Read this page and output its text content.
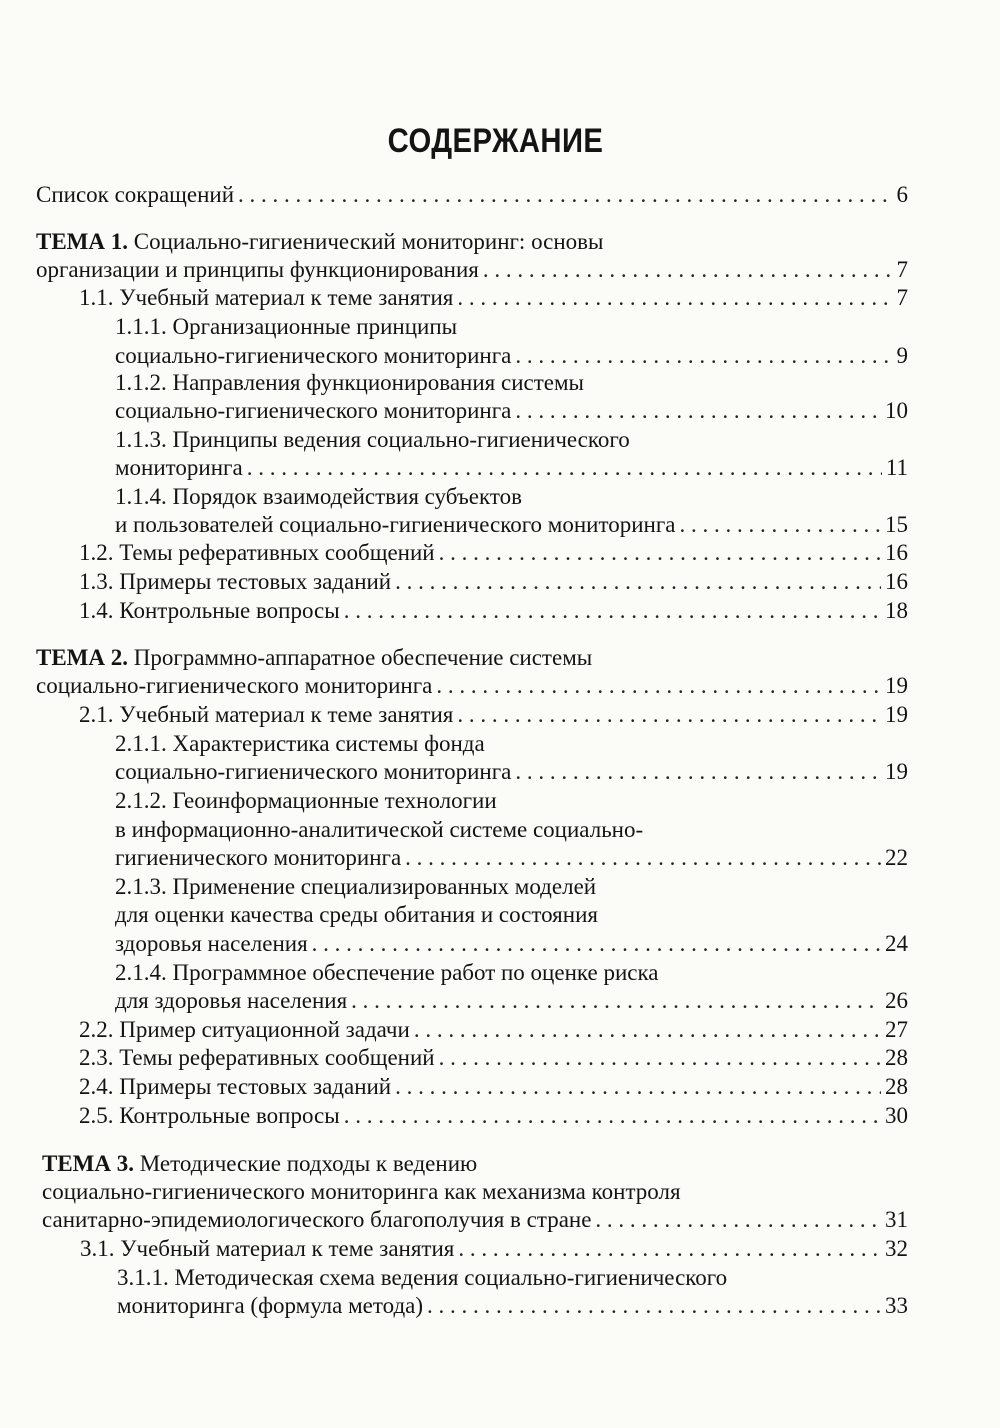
СОДЕРЖАНИЕ
Список сокращений . . .	6
ТЕМА 1. Социально-гигиенический мониторинг: основы
организации и принципы функционирования . . .	7
1.1. Учебный материал к теме занятия . . .	7
1.1.1. Организационные принципы
социально-гигиенического мониторинга . . .	9
1.1.2. Направления функционирования системы
социально-гигиенического мониторинга . . .	10
1.1.3. Принципы ведения социально-гигиенического
мониторинга . . .	11
1.1.4. Порядок взаимодействия субъектов
и пользователей социально-гигиенического мониторинга . . .	15
1.2. Темы реферативных сообщений . . .	16
1.3. Примеры тестовых заданий . . .	16
1.4. Контрольные вопросы . . .	18
ТЕМА 2. Программно-аппаратное обеспечение системы
социально-гигиенического мониторинга . . .	19
2.1. Учебный материал к теме занятия . . .	19
2.1.1. Характеристика системы фонда
социально-гигиенического мониторинга . . .	19
2.1.2. Геоинформационные технологии
в информационно-аналитической системе социально-
гигиенического мониторинга . . .	22
2.1.3. Применение специализированных моделей
для оценки качества среды обитания и состояния
здоровья населения . . .	24
2.1.4. Программное обеспечение работ по оценке риска
для здоровья населения . . .	26
2.2. Пример ситуационной задачи . . .	27
2.3. Темы реферативных сообщений . . .	28
2.4. Примеры тестовых заданий . . .	28
2.5. Контрольные вопросы . . .	30
ТЕМА 3. Методические подходы к ведению
социально-гигиенического мониторинга как механизма контроля
санитарно-эпидемиологического благополучия в стране . . .	31
3.1. Учебный материал к теме занятия . . .	32
3.1.1. Методическая схема ведения социально-гигиенического
мониторинга (формула метода) . . .	33
